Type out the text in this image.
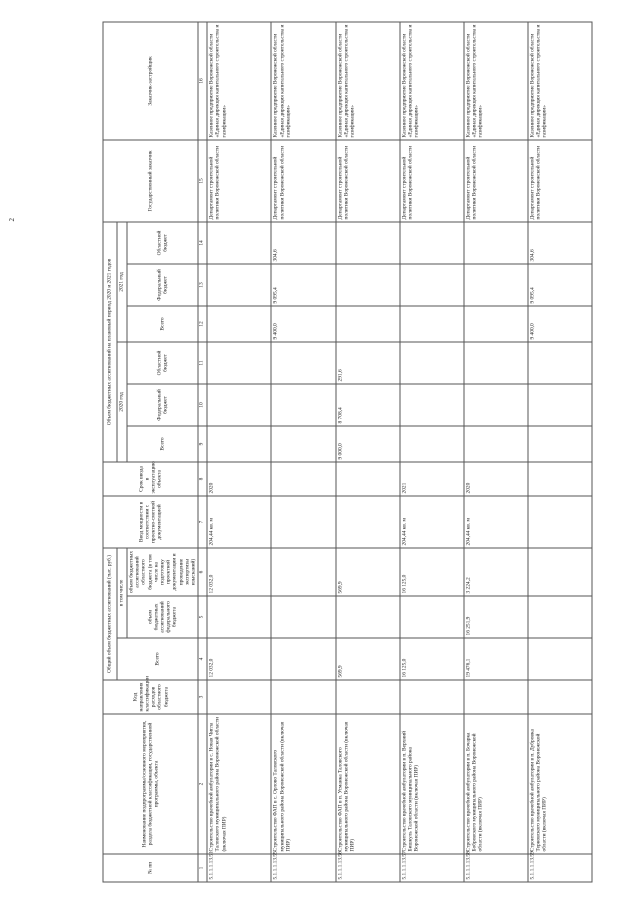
2
№ пп	Наименование подпрограммы/основного мероприятия, раздела бюджетной классификации, государственной программы, объекта	Код направления классификации расходов областного бюджета	Общий объем бюджетных ассигнований (тыс. руб.)			Ввод мощности в соответствии с проектно-сметной документацией	Срок ввода в эксплуатацию объекта	Объем бюджетных ассигнований на плановый период 2020 и 2021 годов						Государственный заказчик	Заказчик-застройщик
			Всего	в том числе				2020 год			2021 год				
				объем бюджетных ассигнований федерального бюджета	объем бюджетных ассигнований областного бюджета (в том числе на подготовку проектной документации и проведение экспертизы изысканий)			Всего	Федеральный бюджет	Областной бюджет	Всего	Федеральный бюджет	Областной бюджет		

1	2	3	4	5	6	7	8	9	10	11	12	13	14	15	16
5.1.1.1.13.51	Строительство врачебной амбулатории в с. Новая Чигла Таловского муниципального района Воронежской области (включая ПИР)		12 032,0		12 032,0	204,44 кв. м	2020							Департамент строительной политики Воронежской области	Казенное предприятие Воронежской области «Единая дирекция капитального строительства и газификации»
5.1.1.1.13.55	Строительство ФАП в с. Орлово Таловского муниципального района Воронежской области (включая ПИР)										9 400,0	9 095,4	304,6	Департамент строительной политики Воронежской области	Казенное предприятие Воронежской области «Единая дирекция капитального строительства и газификации»
5.1.1.1.13.56	Строительство ФАП в п. Усманка Таловского муниципального района Воронежской области (включая ПИР)		569,9		569,9			9 000,0	8 708,4	291,6				Департамент строительной политики Воронежской области	Казенное предприятие Воронежской области «Единая дирекция капитального строительства и газификации»
5.1.1.1.13.57	Строительство врачебной амбулатории в п. Верхний Бишкуль Таловского муниципального района Воронежской области (включая ПИР)		16 125,0		16 125,0	204,44 кв. м	2021							Департамент строительной политики Воронежской области	Казенное предприятие Воронежской области «Единая дирекция капитального строительства и газификации»
5.1.1.1.13.58	Строительство врачебной амбулатории в п. Бочарка Бобровского муниципального района Воронежской области (включая ПИР)		19 476,1	16 251,9	3 224,2	204,44 кв. м	2020							Департамент строительной политики Воронежской области	Казенное предприятие Воронежской области «Единая дирекция капитального строительства и газификации»
5.1.1.1.13.59	Строительство врачебной амбулатории в п. Дубровка Терновского муниципального района Воронежской области (включая ПИР)										9 400,0	9 095,4	304,6	Департамент строительной политики Воронежской области	Казенное предприятие Воронежской области «Единая дирекция капитального строительства и газификации»
